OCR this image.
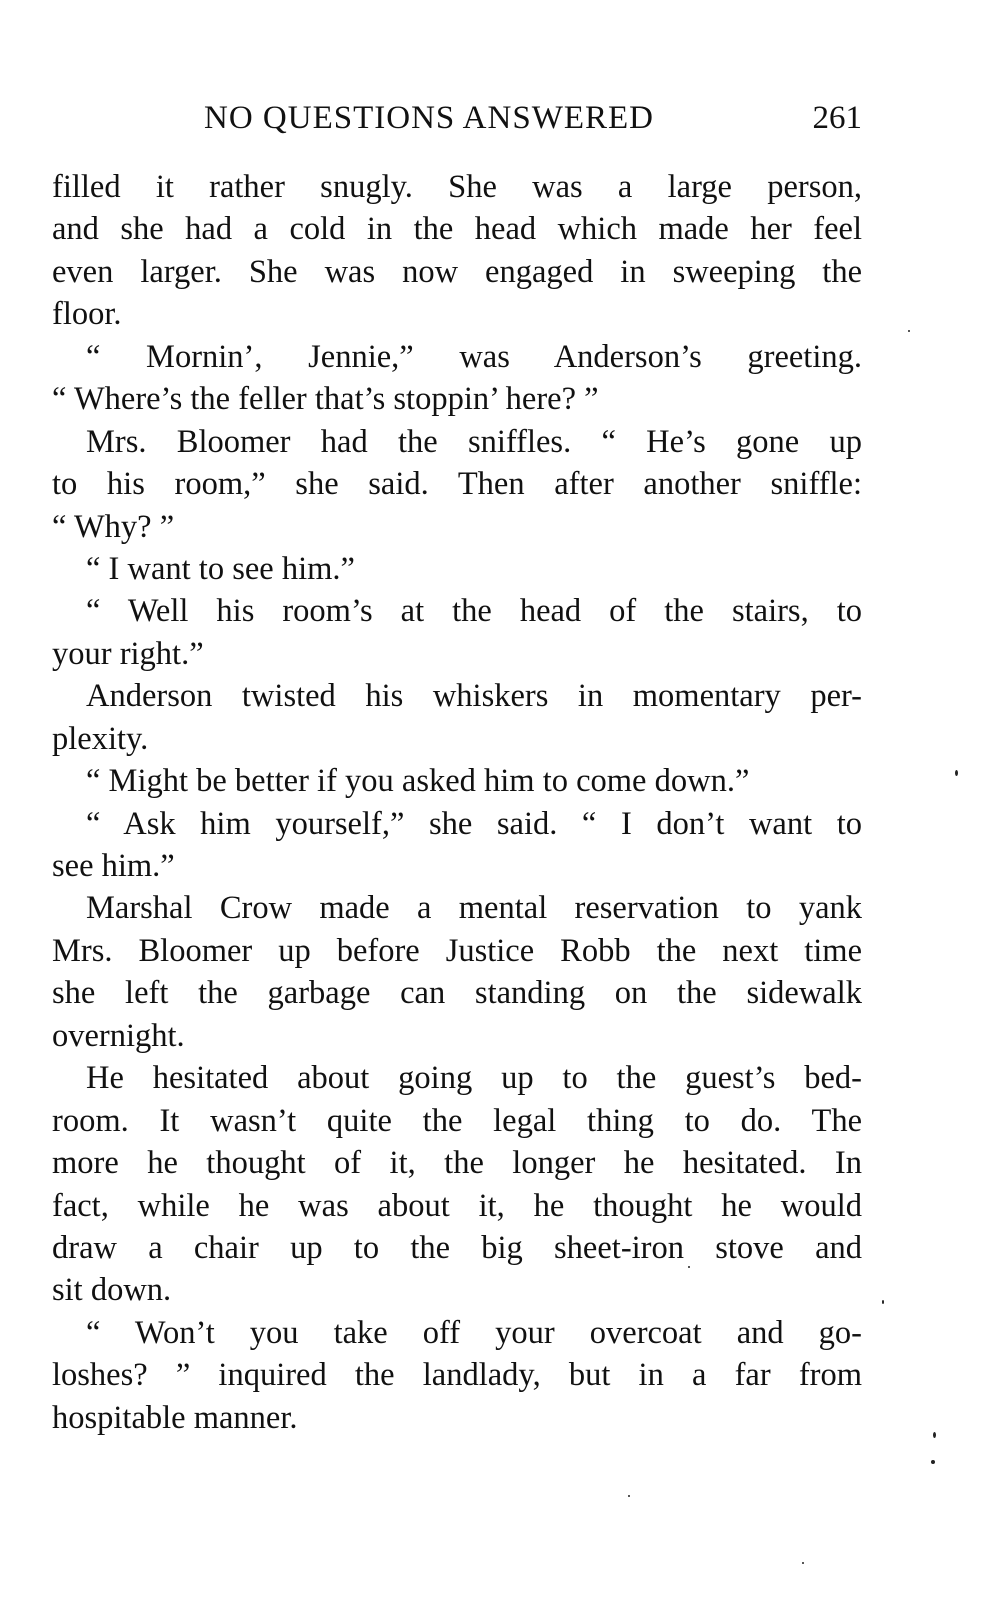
NO QUESTIONS ANSWERED	261
filled it rather snugly. She was a large person,
and she had a cold in the head which made her feel
even larger. She was now engaged in sweeping the
floor.
“ Mornin’, Jennie,” was Anderson’s greeting.
“ Where’s the feller that’s stoppin’ here? ”
Mrs. Bloomer had the sniffles. “ He’s gone up
to his room,” she said. Then after another sniffle:
“ Why? ”
“ I want to see him.”
“ Well his room’s at the head of the stairs, to
your right.”
Anderson twisted his whiskers in momentary per-
plexity.
“ Might be better if you asked him to come down.”
“ Ask him yourself,” she said. “ I don’t want to
see him.”
Marshal Crow made a mental reservation to yank
Mrs. Bloomer up before Justice Robb the next time
she left the garbage can standing on the sidewalk
overnight.
He hesitated about going up to the guest’s bed-
room. It wasn’t quite the legal thing to do. The
more he thought of it, the longer he hesitated. In
fact, while he was about it, he thought he would
draw a chair up to the big sheet-iron stove and
sit down.
“ Won’t you take off your overcoat and go-
loshes? ” inquired the landlady, but in a far from
hospitable manner.
